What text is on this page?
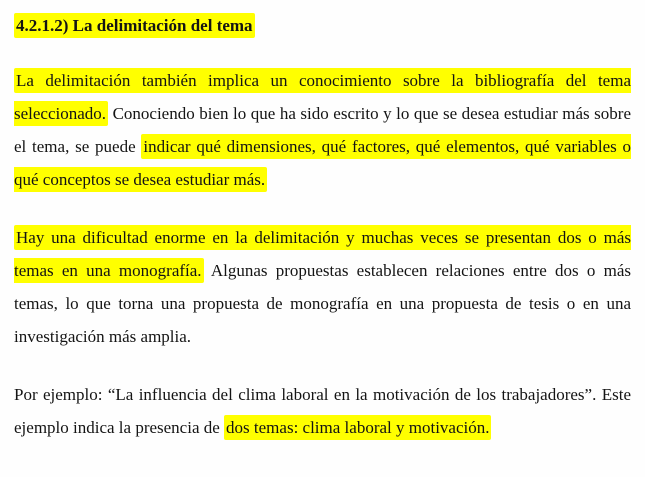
4.2.1.2) La delimitación del tema

La delimitación también implica un conocimiento sobre la bibliografía del tema seleccionado. Conociendo bien lo que ha sido escrito y lo que se desea estudiar más sobre el tema, se puede indicar qué dimensiones, qué factores, qué elementos, qué variables o qué conceptos se desea estudiar más.

Hay una dificultad enorme en la delimitación y muchas veces se presentan dos o más temas en una monografía. Algunas propuestas establecen relaciones entre dos o más temas, lo que torna una propuesta de monografía en una propuesta de tesis o en una investigación más amplia.

Por ejemplo: “La influencia del clima laboral en la motivación de los trabajadores”. Este ejemplo indica la presencia de dos temas: clima laboral y motivación.
